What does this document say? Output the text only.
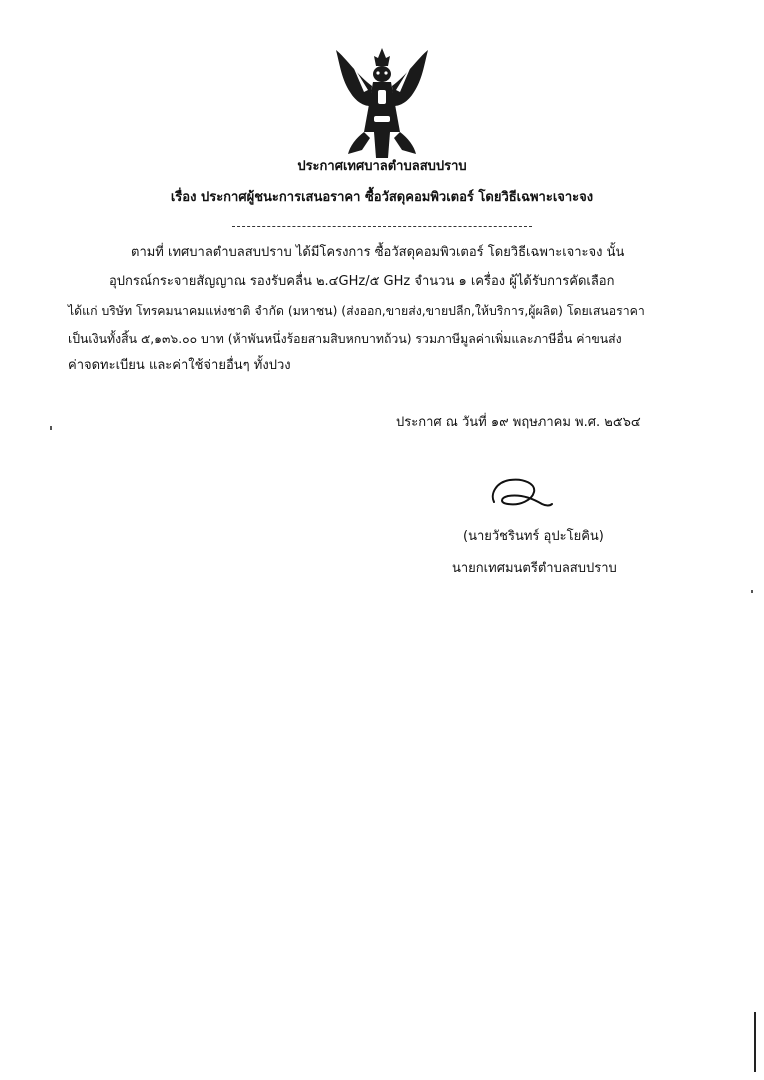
ประกาศเทศบาลตำบลสบปราบ
เรื่อง ประกาศผู้ชนะการเสนอราคา ซื้อวัสดุคอมพิวเตอร์ โดยวิธีเฉพาะเจาะจง
ตามที่ เทศบาลตำบลสบปราบ ได้มีโครงการ ซื้อวัสดุคอมพิวเตอร์ โดยวิธีเฉพาะเจาะจง นั้น
อุปกรณ์กระจายสัญญาณ รองรับคลื่น ๒.๔GHz/๕ GHz จำนวน ๑ เครื่อง ผู้ได้รับการคัดเลือก
ได้แก่ บริษัท โทรคมนาคมแห่งชาติ จำกัด (มหาชน) (ส่งออก,ขายส่ง,ขายปลีก,ให้บริการ,ผู้ผลิต) โดยเสนอราคา
เป็นเงินทั้งสิ้น ๕,๑๓๖.๐๐ บาท (ห้าพันหนึ่งร้อยสามสิบหกบาทถ้วน) รวมภาษีมูลค่าเพิ่มและภาษีอื่น ค่าขนส่ง
ค่าจดทะเบียน และค่าใช้จ่ายอื่นๆ ทั้งปวง
ประกาศ ณ วันที่ ๑๙ พฤษภาคม พ.ศ. ๒๕๖๔
(นายวัชรินทร์ อุปะโยคิน)
นายกเทศมนตรีตำบลสบปราบ
